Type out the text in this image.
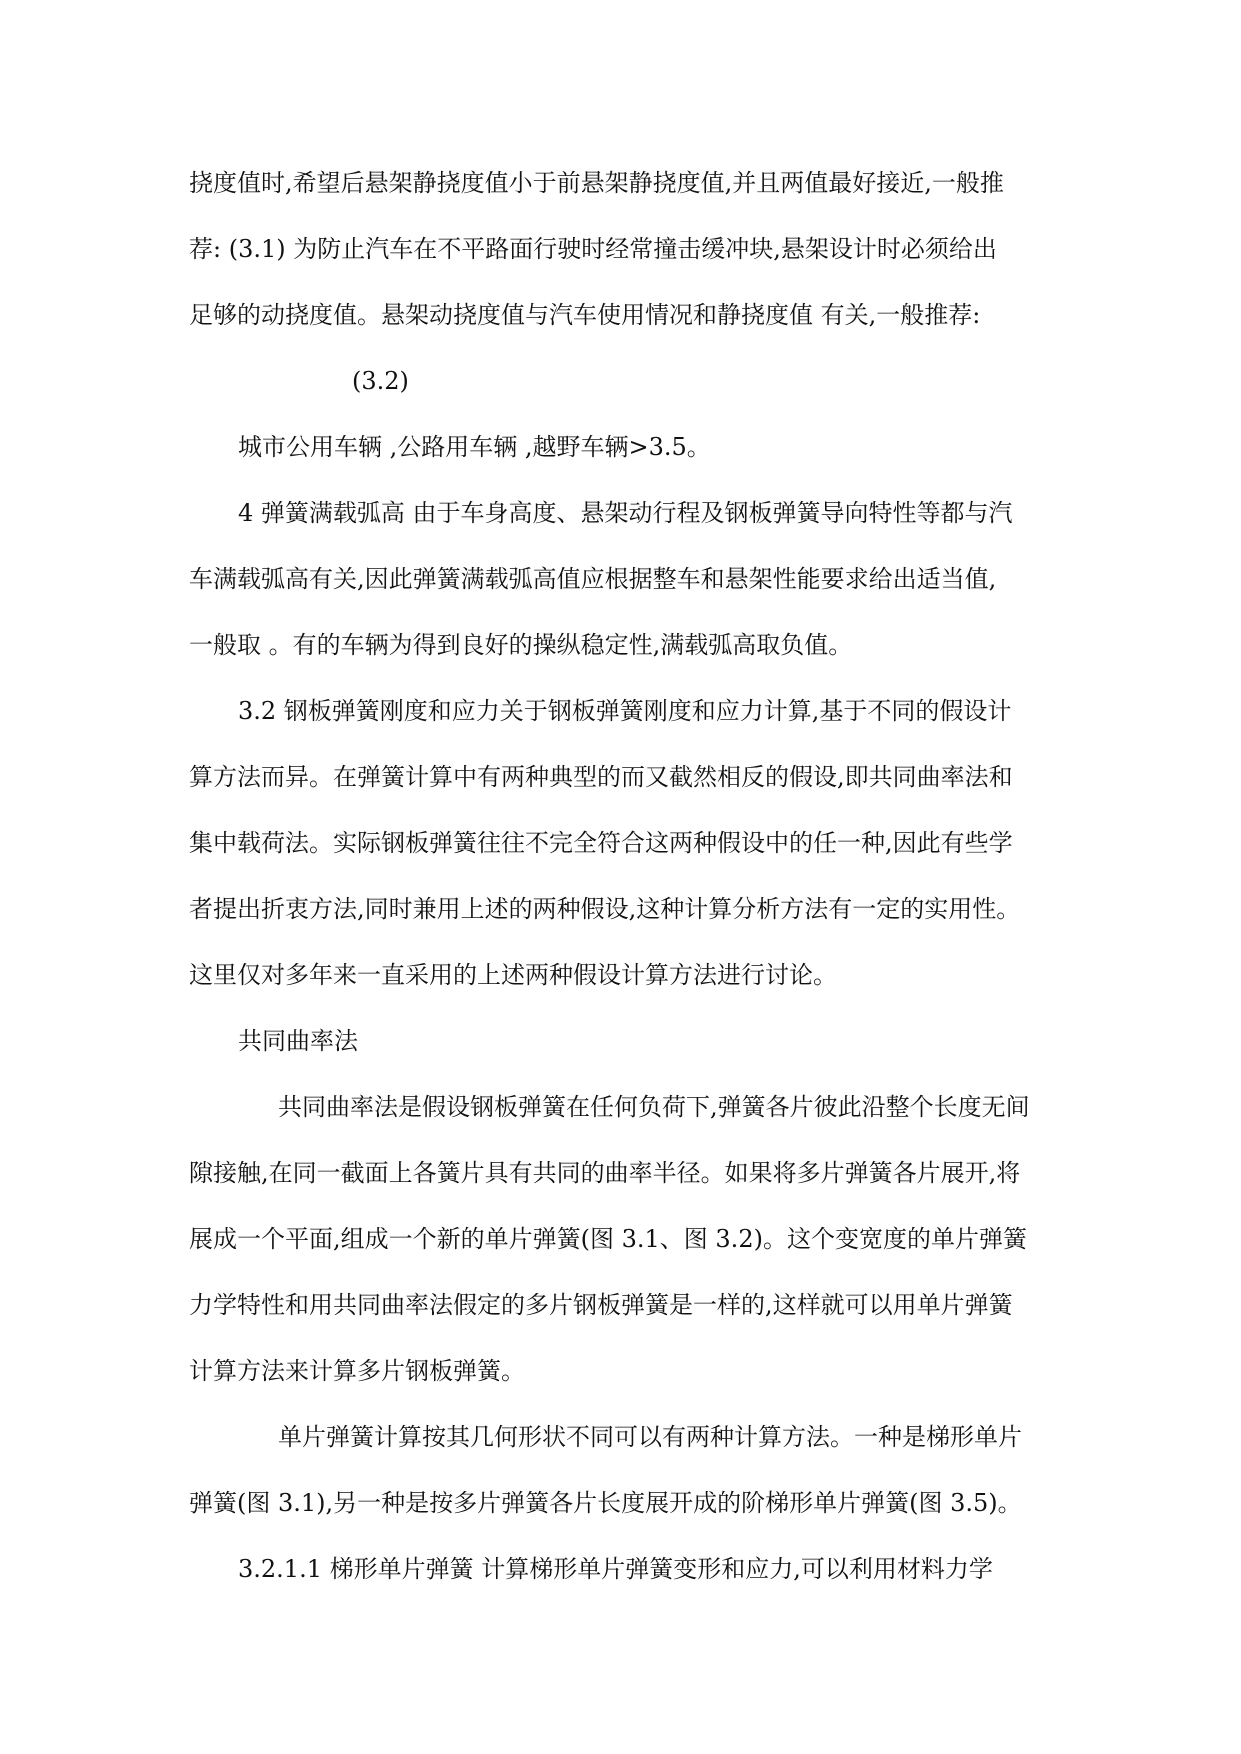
挠度值时,希望后悬架静挠度值小于前悬架静挠度值,并且两值最好接近,一般推
荐: (3.1) 为防止汽车在不平路面行驶时经常撞击缓冲块,悬架设计时必须给出
足够的动挠度值。悬架动挠度值与汽车使用情况和静挠度值 有关,一般推荐:
(3.2)
城市公用车辆 ,公路用车辆 ,越野车辆>3.5。
4 弹簧满载弧高 由于车身高度、悬架动行程及钢板弹簧导向特性等都与汽
车满载弧高有关,因此弹簧满载弧高值应根据整车和悬架性能要求给出适当值,
一般取 。有的车辆为得到良好的操纵稳定性,满载弧高取负值。
3.2 钢板弹簧刚度和应力关于钢板弹簧刚度和应力计算,基于不同的假设计
算方法而异。在弹簧计算中有两种典型的而又截然相反的假设,即共同曲率法和
集中载荷法。实际钢板弹簧往往不完全符合这两种假设中的任一种,因此有些学
者提出折衷方法,同时兼用上述的两种假设,这种计算分析方法有一定的实用性。
这里仅对多年来一直采用的上述两种假设计算方法进行讨论。
共同曲率法
共同曲率法是假设钢板弹簧在任何负荷下,弹簧各片彼此沿整个长度无间
隙接触,在同一截面上各簧片具有共同的曲率半径。如果将多片弹簧各片展开,将
展成一个平面,组成一个新的单片弹簧(图 3.1、图 3.2)。这个变宽度的单片弹簧
力学特性和用共同曲率法假定的多片钢板弹簧是一样的,这样就可以用单片弹簧
计算方法来计算多片钢板弹簧。
单片弹簧计算按其几何形状不同可以有两种计算方法。一种是梯形单片
弹簧(图 3.1),另一种是按多片弹簧各片长度展开成的阶梯形单片弹簧(图 3.5)。
3.2.1.1 梯形单片弹簧 计算梯形单片弹簧变形和应力,可以利用材料力学
